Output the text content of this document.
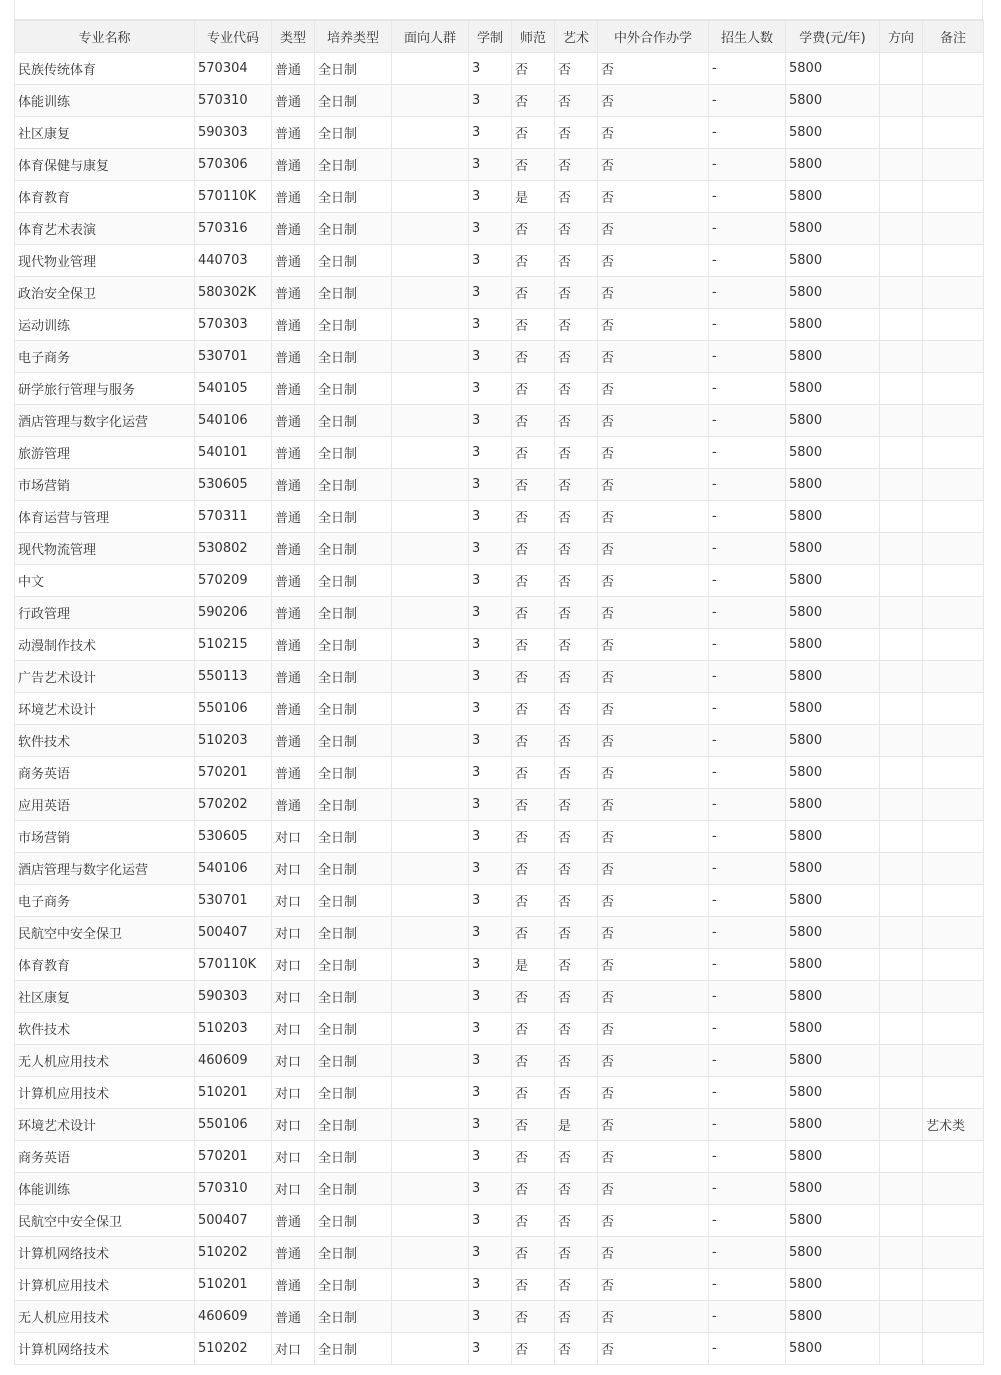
专业名称	专业代码	类型	培养类型	面向人群	学制	师范	艺术	中外合作办学	招生人数	学费(元/年)	方向	备注
民族传统体育	570304	普通	全日制		3	否	否	否	-	5800		
体能训练	570310	普通	全日制		3	否	否	否	-	5800		
社区康复	590303	普通	全日制		3	否	否	否	-	5800		
体育保健与康复	570306	普通	全日制		3	否	否	否	-	5800		
体育教育	570110K	普通	全日制		3	是	否	否	-	5800		
体育艺术表演	570316	普通	全日制		3	否	否	否	-	5800		
现代物业管理	440703	普通	全日制		3	否	否	否	-	5800		
政治安全保卫	580302K	普通	全日制		3	否	否	否	-	5800		
运动训练	570303	普通	全日制		3	否	否	否	-	5800		
电子商务	530701	普通	全日制		3	否	否	否	-	5800		
研学旅行管理与服务	540105	普通	全日制		3	否	否	否	-	5800		
酒店管理与数字化运营	540106	普通	全日制		3	否	否	否	-	5800		
旅游管理	540101	普通	全日制		3	否	否	否	-	5800		
市场营销	530605	普通	全日制		3	否	否	否	-	5800		
体育运营与管理	570311	普通	全日制		3	否	否	否	-	5800		
现代物流管理	530802	普通	全日制		3	否	否	否	-	5800		
中文	570209	普通	全日制		3	否	否	否	-	5800		
行政管理	590206	普通	全日制		3	否	否	否	-	5800		
动漫制作技术	510215	普通	全日制		3	否	否	否	-	5800		
广告艺术设计	550113	普通	全日制		3	否	否	否	-	5800		
环境艺术设计	550106	普通	全日制		3	否	否	否	-	5800		
软件技术	510203	普通	全日制		3	否	否	否	-	5800		
商务英语	570201	普通	全日制		3	否	否	否	-	5800		
应用英语	570202	普通	全日制		3	否	否	否	-	5800		
市场营销	530605	对口	全日制		3	否	否	否	-	5800		
酒店管理与数字化运营	540106	对口	全日制		3	否	否	否	-	5800		
电子商务	530701	对口	全日制		3	否	否	否	-	5800		
民航空中安全保卫	500407	对口	全日制		3	否	否	否	-	5800		
体育教育	570110K	对口	全日制		3	是	否	否	-	5800		
社区康复	590303	对口	全日制		3	否	否	否	-	5800		
软件技术	510203	对口	全日制		3	否	否	否	-	5800		
无人机应用技术	460609	对口	全日制		3	否	否	否	-	5800		
计算机应用技术	510201	对口	全日制		3	否	否	否	-	5800		
环境艺术设计	550106	对口	全日制		3	否	是	否	-	5800		艺术类
商务英语	570201	对口	全日制		3	否	否	否	-	5800		
体能训练	570310	对口	全日制		3	否	否	否	-	5800		
民航空中安全保卫	500407	普通	全日制		3	否	否	否	-	5800		
计算机网络技术	510202	普通	全日制		3	否	否	否	-	5800		
计算机应用技术	510201	普通	全日制		3	否	否	否	-	5800		
无人机应用技术	460609	普通	全日制		3	否	否	否	-	5800		
计算机网络技术	510202	对口	全日制		3	否	否	否	-	5800		
